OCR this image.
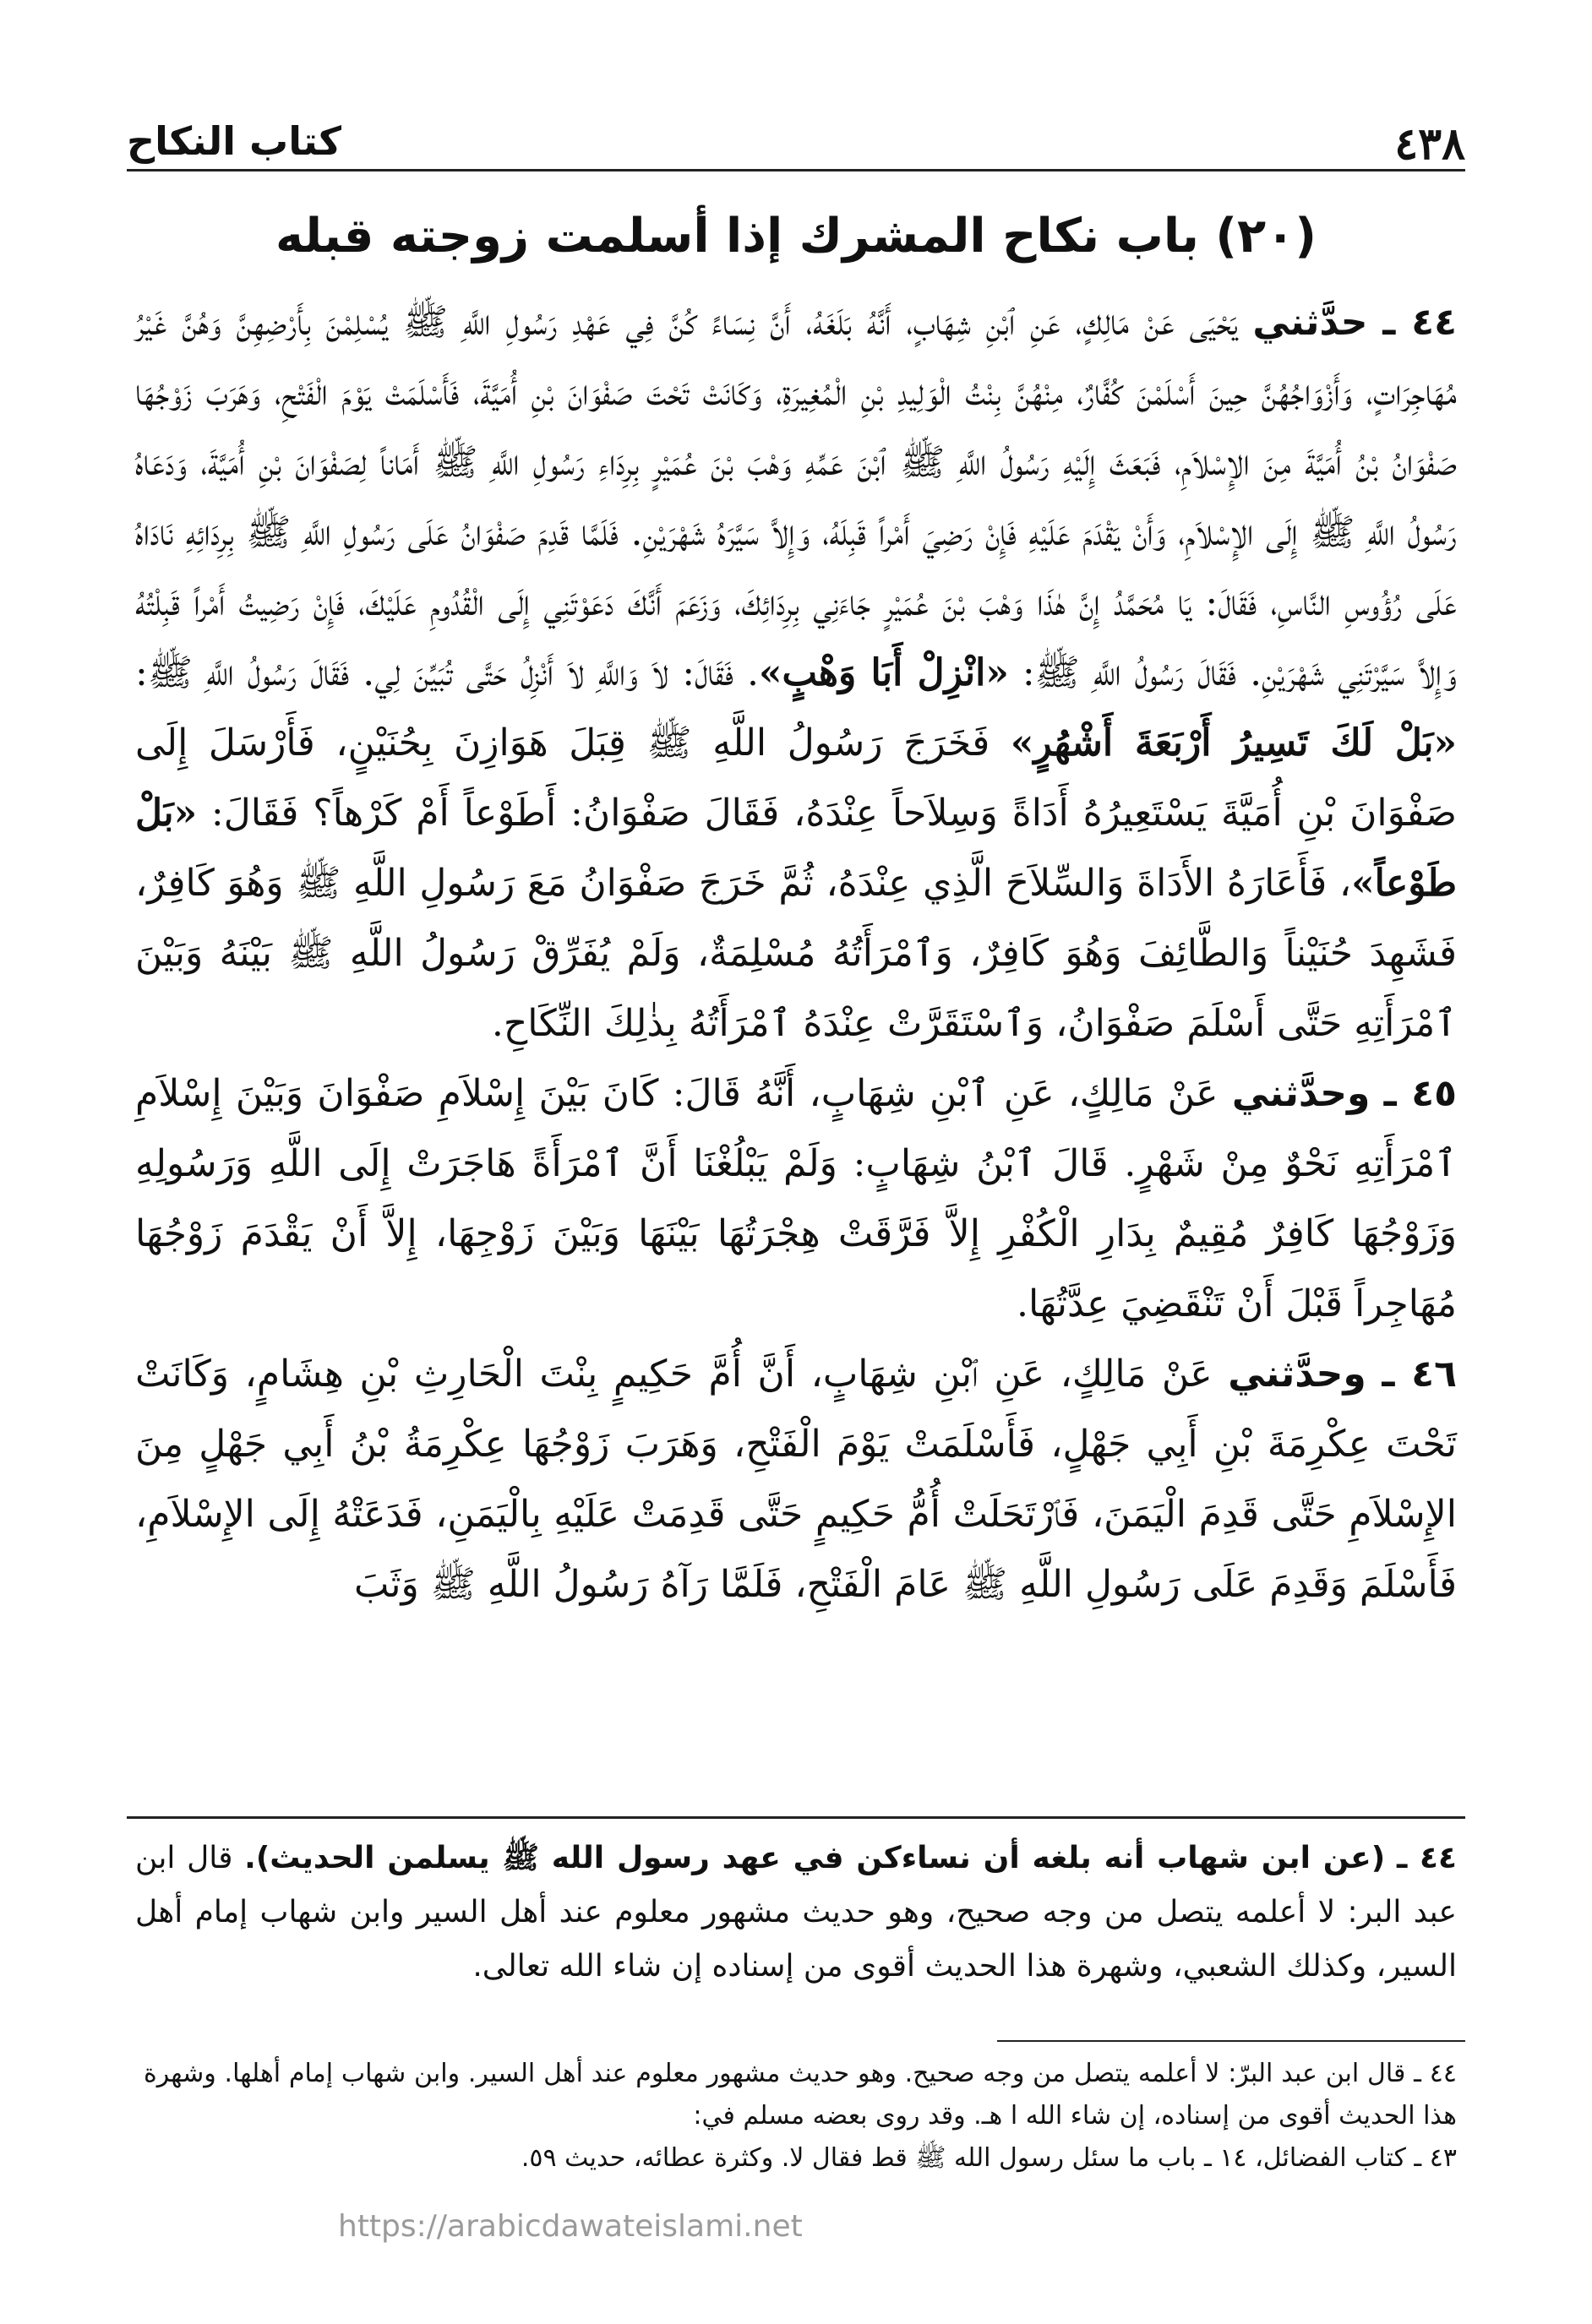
٤٣٨
كتاب النكاح
(٢٠) باب نكاح المشرك إذا أسلمت زوجته قبله

٤٤ ـ حدَّثني يَحْيَى عَنْ مَالِكٍ، عَنِ ٱبْنِ شِهَابٍ، أَنَّهُ بَلَغَهُ، أَنَّ نِسَاءً كُنَّ فِي عَهْدِ رَسُولِ اللَّهِ ﷺ يُسْلِمْنَ بِأَرْضِهِنَّ وَهُنَّ غَيْرُ مُهَاجِرَاتٍ، وَأَزْوَاجُهُنَّ حِينَ أَسْلَمْنَ كُفَّارٌ، مِنْهُنَّ بِنْتُ الْوَلِيدِ بْنِ الْمُغِيرَةِ، وَكَانَتْ تَحْتَ صَفْوَانَ بْنِ أُمَيَّةَ، فَأَسْلَمَتْ يَوْمَ الْفَتْحِ، وَهَرَبَ زَوْجُهَا صَفْوَانُ بْنُ أُمَيَّةَ مِنَ الإِسْلاَمِ، فَبَعَثَ إِلَيْهِ رَسُولُ اللَّهِ ﷺ ٱبْنَ عَمِّهِ وَهْبَ بْنَ عُمَيْرٍ بِرِدَاءِ رَسُولِ اللَّهِ ﷺ أَمَاناً لِصَفْوَانَ بْنِ أُمَيَّةَ، وَدَعَاهُ رَسُولُ اللَّهِ ﷺ إِلَى الإِسْلاَمِ، وَأَنْ يَقْدَمَ عَلَيْهِ فَإِنْ رَضِيَ أَمْراً قَبِلَهُ، وَإِلاَّ سَيَّرَهُ شَهْرَيْنِ. فَلَمَّا قَدِمَ صَفْوَانُ عَلَى رَسُولِ اللَّهِ ﷺ بِرِدَائِهِ نَادَاهُ عَلَى رُؤُوسِ النَّاسِ، فَقَالَ: يَا مُحَمَّدُ إِنَّ هٰذَا وَهْبَ بْنَ عُمَيْرٍ جَاءَنِي بِرِدَائِكَ، وَزَعَمَ أَنَّكَ دَعَوْتَنِي إِلَى الْقُدُومِ عَلَيْكَ، فَإِنْ رَضِيتُ أَمْراً قَبِلْتُهُ وَإِلاَّ سَيَّرْتَنِي شَهْرَيْنِ. فَقَالَ رَسُولُ اللَّهِ ﷺ: «انْزِلْ أَبَا وَهْبٍ». فَقَالَ: لاَ وَاللَّهِ لاَ أَنْزِلُ حَتَّى تُبَيِّنَ لِي. فَقَالَ رَسُولُ اللَّهِ ﷺ: «بَلْ لَكَ تَسِيرُ أَرْبَعَةَ أَشْهُرٍ» فَخَرَجَ رَسُولُ اللَّهِ ﷺ قِبَلَ هَوَازِنَ بِحُنَيْنٍ، فَأَرْسَلَ إِلَى صَفْوَانَ بْنِ أُمَيَّةَ يَسْتَعِيرُهُ أَدَاةً وَسِلاَحاً عِنْدَهُ، فَقَالَ صَفْوَانُ: أَطَوْعاً أَمْ كَرْهاً؟ فَقَالَ: «بَلْ طَوْعاً»، فَأَعَارَهُ الأَدَاةَ وَالسِّلاَحَ الَّذِي عِنْدَهُ، ثُمَّ خَرَجَ صَفْوَانُ مَعَ رَسُولِ اللَّهِ ﷺ وَهُوَ كَافِرٌ، فَشَهِدَ حُنَيْناً وَالطَّائِفَ وَهُوَ كَافِرٌ، وَٱمْرَأَتُهُ مُسْلِمَةٌ، وَلَمْ يُفَرِّقْ رَسُولُ اللَّهِ ﷺ بَيْنَهُ وَبَيْنَ ٱمْرَأَتِهِ حَتَّى أَسْلَمَ صَفْوَانُ، وَٱسْتَقَرَّتْ عِنْدَهُ ٱمْرَأَتُهُ بِذٰلِكَ النِّكَاحِ.

٤٥ ـ وحدَّثني عَنْ مَالِكٍ، عَنِ ٱبْنِ شِهَابٍ، أَنَّهُ قَالَ: كَانَ بَيْنَ إِسْلاَمِ صَفْوَانَ وَبَيْنَ إِسْلاَمِ ٱمْرَأَتِهِ نَحْوٌ مِنْ شَهْرٍ. قَالَ ٱبْنُ شِهَابٍ: وَلَمْ يَبْلُغْنَا أَنَّ ٱمْرَأَةً هَاجَرَتْ إِلَى اللَّهِ وَرَسُولِهِ وَزَوْجُهَا كَافِرٌ مُقِيمٌ بِدَارِ الْكُفْرِ إِلاَّ فَرَّقَتْ هِجْرَتُهَا بَيْنَهَا وَبَيْنَ زَوْجِهَا، إِلاَّ أَنْ يَقْدَمَ زَوْجُهَا مُهَاجِراً قَبْلَ أَنْ تَنْقَضِيَ عِدَّتُهَا.

٤٦ ـ وحدَّثني عَنْ مَالِكٍ، عَنِ ٱبْنِ شِهَابٍ، أَنَّ أُمَّ حَكِيمٍ بِنْتَ الْحَارِثِ بْنِ هِشَامٍ، وَكَانَتْ تَحْتَ عِكْرِمَةَ بْنِ أَبِي جَهْلٍ، فَأَسْلَمَتْ يَوْمَ الْفَتْحِ، وَهَرَبَ زَوْجُهَا عِكْرِمَةُ بْنُ أَبِي جَهْلٍ مِنَ الإِسْلاَمِ حَتَّى قَدِمَ الْيَمَنَ، فَٱرْتَحَلَتْ أُمُّ حَكِيمٍ حَتَّى قَدِمَتْ عَلَيْهِ بِالْيَمَنِ، فَدَعَتْهُ إِلَى الإِسْلاَمِ، فَأَسْلَمَ وَقَدِمَ عَلَى رَسُولِ اللَّهِ ﷺ عَامَ الْفَتْحِ، فَلَمَّا رَآهُ رَسُولُ اللَّهِ ﷺ وَثَبَ

٤٤ ـ (عن ابن شهاب أنه بلغه أن نساءكن في عهد رسول الله ﷺ يسلمن الحديث). قال ابن عبد البر: لا أعلمه يتصل من وجه صحيح، وهو حديث مشهور معلوم عند أهل السير وابن شهاب إمام أهل السير، وكذلك الشعبي، وشهرة هذا الحديث أقوى من إسناده إن شاء الله تعالى.

٤٤ ـ قال ابن عبد البرّ: لا أعلمه يتصل من وجه صحيح. وهو حديث مشهور معلوم عند أهل السير. وابن شهاب إمام أهلها. وشهرة هذا الحديث أقوى من إسناده، إن شاء الله ا هـ. وقد روى بعضه مسلم في:

٤٣ ـ كتاب الفضائل، ١٤ ـ باب ما سئل رسول الله ﷺ قط فقال لا. وكثرة عطائه، حديث ٥٩.

https://arabicdawateislami.net
